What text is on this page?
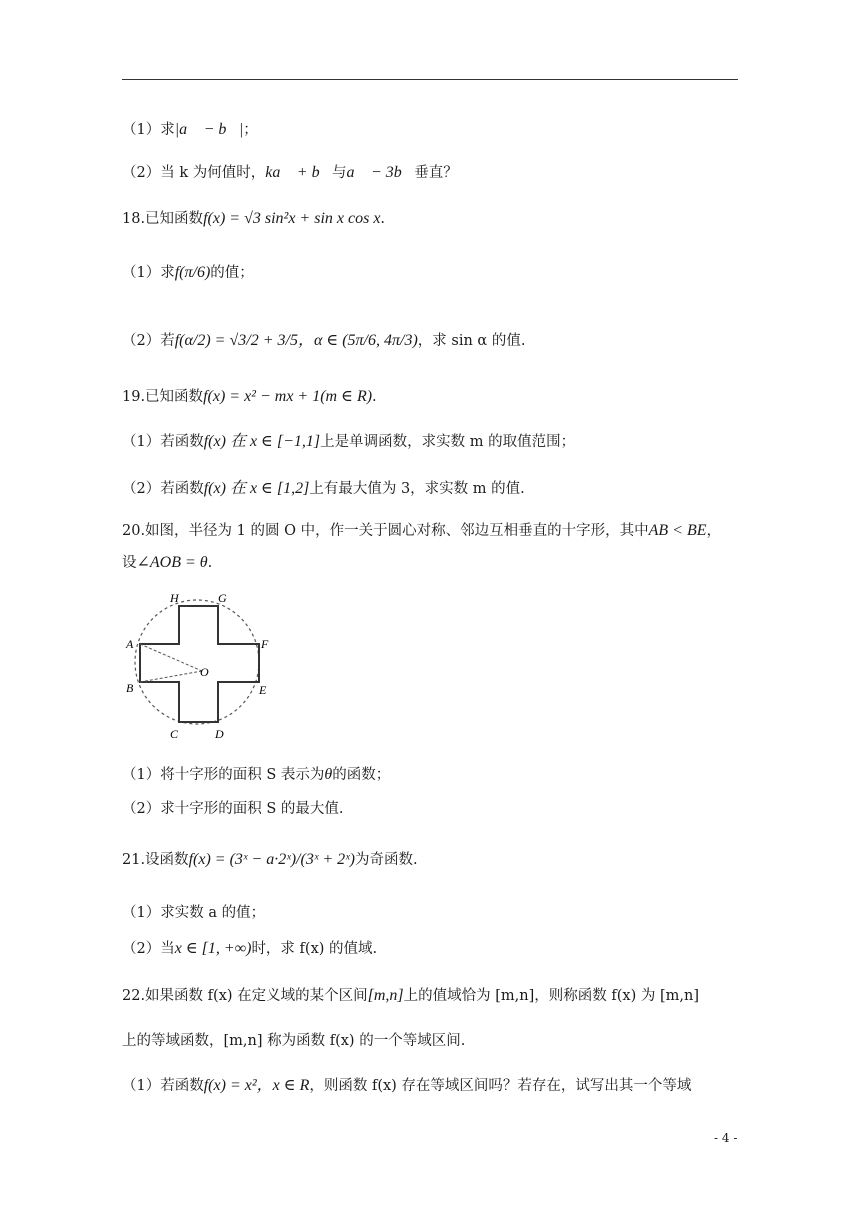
（1）求|a⃗ − b⃗|；
（2）当 k 为何值时，ka⃗ + b⃗与a⃗ − 3b⃗垂直？
18.已知函数f(x) = √3 sin²x + sin x cos x.
（1）求f(π/6)的值；
（2）若f(α/2) = √3/2 + 3/5，α ∈ (5π/6, 4π/3)，求 sin α 的值.
19.已知函数f(x) = x² − mx + 1(m ∈ R).
（1）若函数f(x) 在 x ∈ [−1,1]上是单调函数，求实数 m 的取值范围；
（2）若函数f(x) 在 x ∈ [1,2]上有最大值为 3，求实数 m 的值.
20.如图，半径为 1 的圆 O 中，作一关于圆心对称、邻边互相垂直的十字形，其中AB < BE，
设∠AOB = θ.
H	G
A	F
O
B	E
C	D
（1）将十字形的面积 S 表示为θ的函数；
（2）求十字形的面积 S 的最大值.
21.设函数f(x) = (3ˣ − a·2ˣ)/(3ˣ + 2ˣ)为奇函数.
（1）求实数 a 的值；
（2）当x ∈ [1, +∞)时，求 f(x) 的值域.
22.如果函数 f(x) 在定义域的某个区间[m,n]上的值域恰为 [m,n]，则称函数 f(x) 为 [m,n]
上的等域函数，[m,n] 称为函数 f(x) 的一个等域区间.
（1）若函数f(x) = x²，x ∈ R，则函数 f(x) 存在等域区间吗？若存在，试写出其一个等域
- 4 -
